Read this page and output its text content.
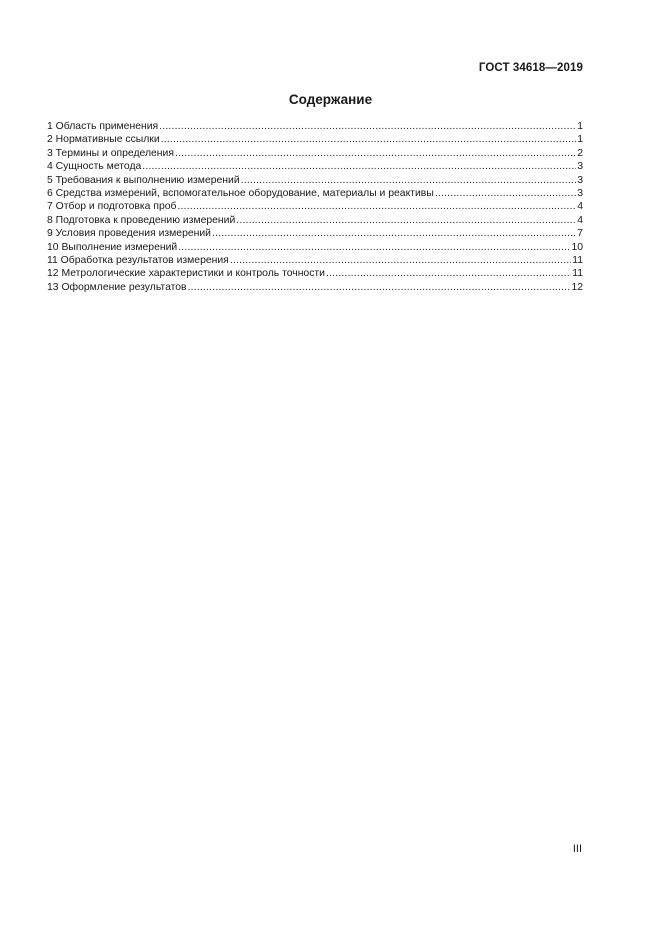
ГОСТ 34618—2019
Содержание
1 Область применения .....	1
2 Нормативные ссылки .....	1
3 Термины и определения .....	2
4 Сущность метода .....	3
5 Требования к выполнению измерений .....	3
6 Средства измерений, вспомогательное оборудование, материалы и реактивы .....	3
7 Отбор и подготовка проб .....	4
8 Подготовка к проведению измерений .....	4
9 Условия проведения измерений .....	7
10 Выполнение измерений .....	10
11 Обработка результатов измерения .....	11
12 Метрологические характеристики и контроль точности .....	11
13 Оформление результатов .....	12
III
